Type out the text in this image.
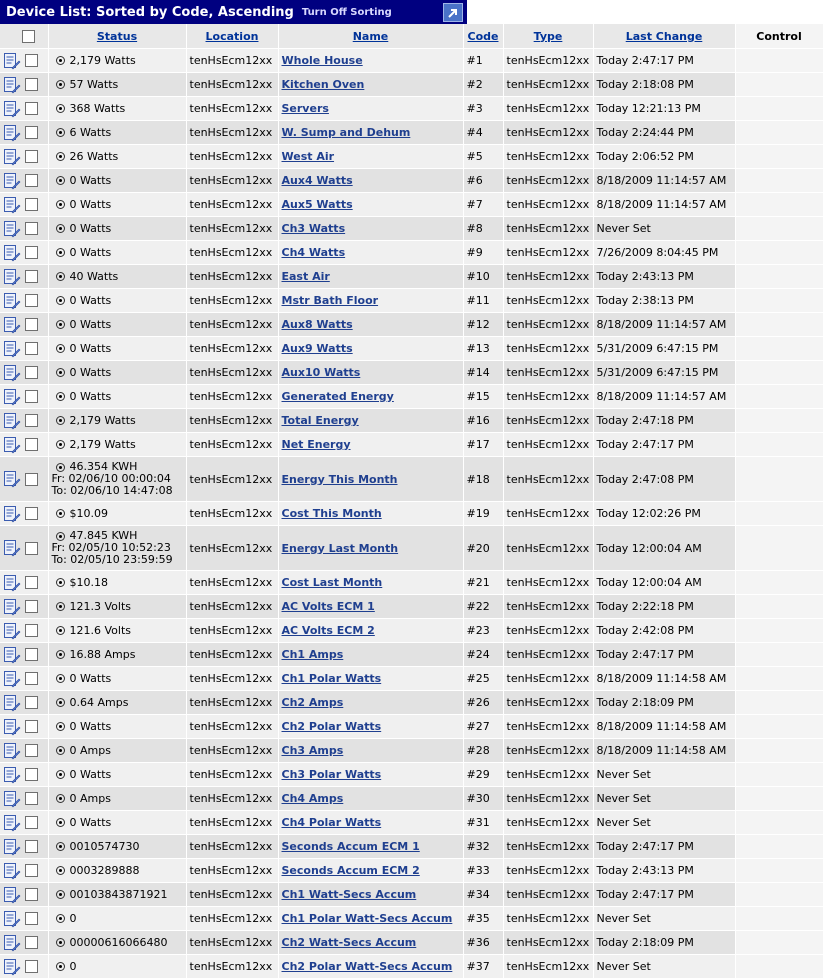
Device List: Sorted by Code, Ascending Turn Off Sorting
	Status	Location	Name	Code	Type	Last Change	Control
	2,179 Watts	tenHsEcm12xx	Whole House	#1	tenHsEcm12xx	Today 2:47:17 PM	
	57 Watts	tenHsEcm12xx	Kitchen Oven	#2	tenHsEcm12xx	Today 2:18:08 PM	
	368 Watts	tenHsEcm12xx	Servers	#3	tenHsEcm12xx	Today 12:21:13 PM	
	6 Watts	tenHsEcm12xx	W. Sump and Dehum	#4	tenHsEcm12xx	Today 2:24:44 PM	
	26 Watts	tenHsEcm12xx	West Air	#5	tenHsEcm12xx	Today 2:06:52 PM	
	0 Watts	tenHsEcm12xx	Aux4 Watts	#6	tenHsEcm12xx	8/18/2009 11:14:57 AM	
	0 Watts	tenHsEcm12xx	Aux5 Watts	#7	tenHsEcm12xx	8/18/2009 11:14:57 AM	
	0 Watts	tenHsEcm12xx	Ch3 Watts	#8	tenHsEcm12xx	Never Set	
	0 Watts	tenHsEcm12xx	Ch4 Watts	#9	tenHsEcm12xx	7/26/2009 8:04:45 PM	
	40 Watts	tenHsEcm12xx	East Air	#10	tenHsEcm12xx	Today 2:43:13 PM	
	0 Watts	tenHsEcm12xx	Mstr Bath Floor	#11	tenHsEcm12xx	Today 2:38:13 PM	
	0 Watts	tenHsEcm12xx	Aux8 Watts	#12	tenHsEcm12xx	8/18/2009 11:14:57 AM	
	0 Watts	tenHsEcm12xx	Aux9 Watts	#13	tenHsEcm12xx	5/31/2009 6:47:15 PM	
	0 Watts	tenHsEcm12xx	Aux10 Watts	#14	tenHsEcm12xx	5/31/2009 6:47:15 PM	
	0 Watts	tenHsEcm12xx	Generated Energy	#15	tenHsEcm12xx	8/18/2009 11:14:57 AM	
	2,179 Watts	tenHsEcm12xx	Total Energy	#16	tenHsEcm12xx	Today 2:47:18 PM	
	2,179 Watts	tenHsEcm12xx	Net Energy	#17	tenHsEcm12xx	Today 2:47:17 PM	

46.354 KWH
Fr: 02/06/10 00:00:04
To: 02/06/10 14:47:08	tenHsEcm12xx	Energy This Month	#18	tenHsEcm12xx	Today 2:47:08 PM	
	$10.09	tenHsEcm12xx	Cost This Month	#19	tenHsEcm12xx	Today 12:02:26 PM	

47.845 KWH
Fr: 02/05/10 10:52:23
To: 02/05/10 23:59:59	tenHsEcm12xx	Energy Last Month	#20	tenHsEcm12xx	Today 12:00:04 AM	
	$10.18	tenHsEcm12xx	Cost Last Month	#21	tenHsEcm12xx	Today 12:00:04 AM	
	121.3 Volts	tenHsEcm12xx	AC Volts ECM 1	#22	tenHsEcm12xx	Today 2:22:18 PM	
	121.6 Volts	tenHsEcm12xx	AC Volts ECM 2	#23	tenHsEcm12xx	Today 2:42:08 PM	
	16.88 Amps	tenHsEcm12xx	Ch1 Amps	#24	tenHsEcm12xx	Today 2:47:17 PM	
	0 Watts	tenHsEcm12xx	Ch1 Polar Watts	#25	tenHsEcm12xx	8/18/2009 11:14:58 AM	
	0.64 Amps	tenHsEcm12xx	Ch2 Amps	#26	tenHsEcm12xx	Today 2:18:09 PM	
	0 Watts	tenHsEcm12xx	Ch2 Polar Watts	#27	tenHsEcm12xx	8/18/2009 11:14:58 AM	
	0 Amps	tenHsEcm12xx	Ch3 Amps	#28	tenHsEcm12xx	8/18/2009 11:14:58 AM	
	0 Watts	tenHsEcm12xx	Ch3 Polar Watts	#29	tenHsEcm12xx	Never Set	
	0 Amps	tenHsEcm12xx	Ch4 Amps	#30	tenHsEcm12xx	Never Set	
	0 Watts	tenHsEcm12xx	Ch4 Polar Watts	#31	tenHsEcm12xx	Never Set	
	0010574730	tenHsEcm12xx	Seconds Accum ECM 1	#32	tenHsEcm12xx	Today 2:47:17 PM	
	0003289888	tenHsEcm12xx	Seconds Accum ECM 2	#33	tenHsEcm12xx	Today 2:43:13 PM	
	00103843871921	tenHsEcm12xx	Ch1 Watt-Secs Accum	#34	tenHsEcm12xx	Today 2:47:17 PM	
	0	tenHsEcm12xx	Ch1 Polar Watt-Secs Accum	#35	tenHsEcm12xx	Never Set	
	00000616066480	tenHsEcm12xx	Ch2 Watt-Secs Accum	#36	tenHsEcm12xx	Today 2:18:09 PM	
	0	tenHsEcm12xx	Ch2 Polar Watt-Secs Accum	#37	tenHsEcm12xx	Never Set	
